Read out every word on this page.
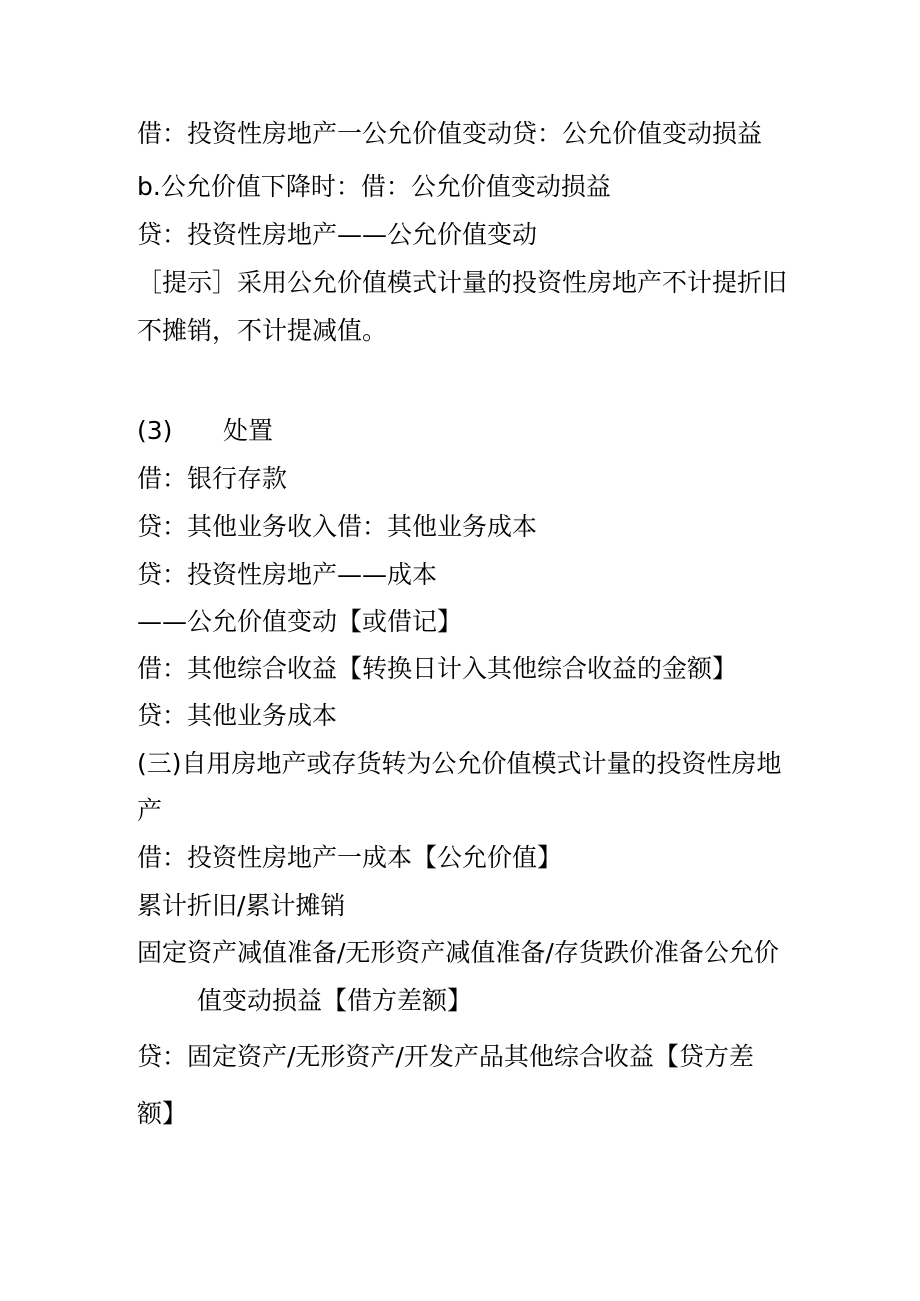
借：投资性房地产一公允价值变动贷：公允价值变动损益
b.公允价值下降时：借：公允价值变动损益
贷：投资性房地产——公允价值变动
［提示］采用公允价值模式计量的投资性房地产不计提折旧
不摊销，不计提减值。
(3) 处置
借：银行存款
贷：其他业务收入借：其他业务成本
贷：投资性房地产——成本
——公允价值变动【或借记】
借：其他综合收益【转换日计入其他综合收益的金额】
贷：其他业务成本
(三)自用房地产或存货转为公允价值模式计量的投资性房地
产
借：投资性房地产一成本【公允价值】
累计折旧/累计摊销
固定资产减值准备/无形资产减值准备/存货跌价准备公允价
值变动损益【借方差额】
贷：固定资产/无形资产/开发产品其他综合收益【贷方差
额】
